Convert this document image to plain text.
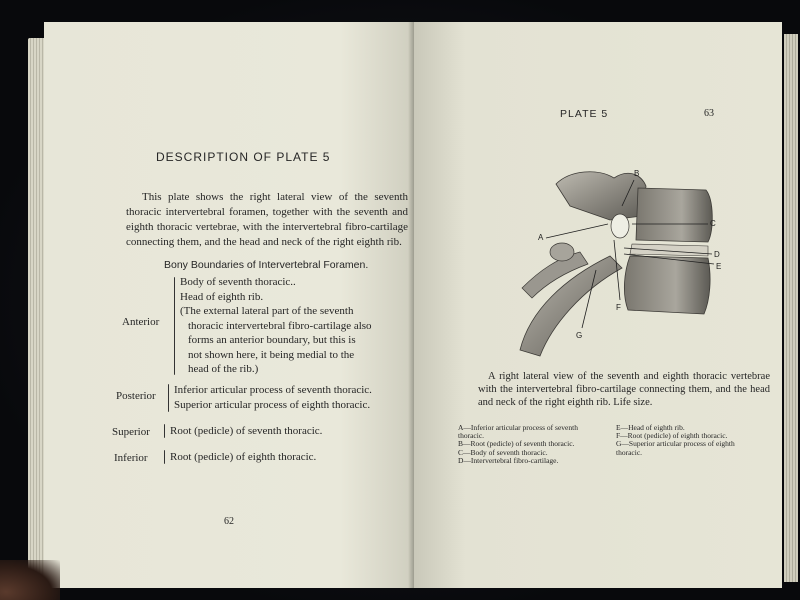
DESCRIPTION OF PLATE 5

This plate shows the right lateral view of the seventh thoracic intervertebral foramen, together with the seventh and eighth thoracic vertebrae, with the intervertebral fibro-cartilage connecting them, and the head and neck of the right eighth rib.

Bony Boundaries of Intervertebral Foramen.
Anterior
Body of seventh thoracic..
Head of eighth rib.
(The external lateral part of the seventh
thoracic intervertebral fibro-cartilage also
forms an anterior boundary, but this is
not shown here, it being medial to the
head of the rib.)
Posterior Inferior articular process of seventh thoracic.
Superior articular process of eighth thoracic.
Superior Root (pedicle) of seventh thoracic.
Inferior Root (pedicle) of eighth thoracic.
62
PLATE 5	63
A
B
C
D
E
F
G

A right lateral view of the seventh and eighth thoracic vertebrae with the intervertebral fibro-cartilage connecting them, and the head and neck of the right eighth rib. Life size.

A—Inferior articular process of seventh thoracic.
B—Root (pedicle) of seventh thoracic.
C—Body of seventh thoracic.
D—Intervertebral fibro-cartilage.
E—Head of eighth rib.
F—Root (pedicle) of eighth thoracic.
G—Superior articular process of eighth thoracic.
